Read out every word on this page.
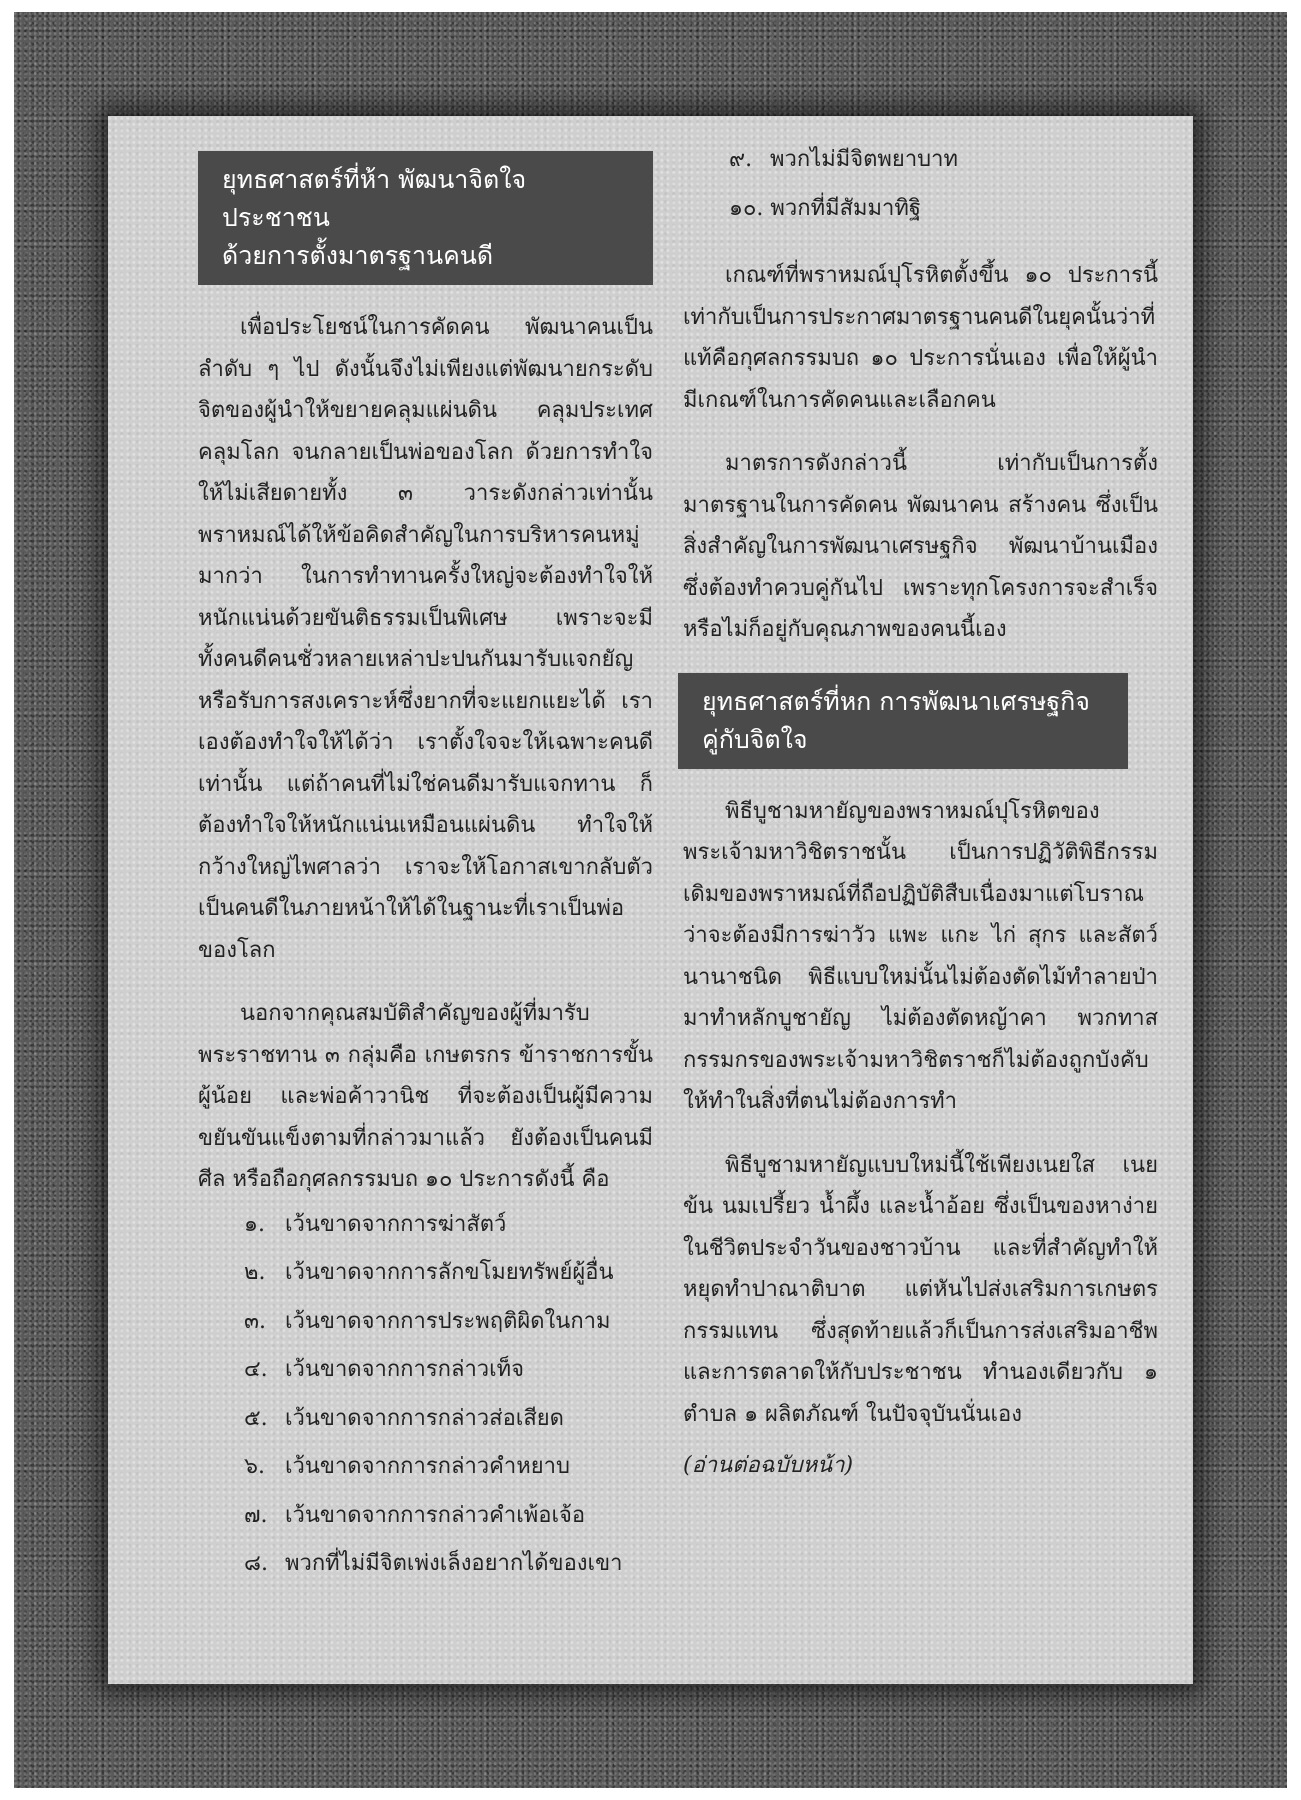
ยุทธศาสตร์ที่ห้า พัฒนาจิตใจประชาชน
ด้วยการตั้งมาตรฐานคนดี

เพื่อประโยชน์ในการคัดคน พัฒนาคนเป็นลำดับ ๆ ไป ดังนั้นจึงไม่เพียงแต่พัฒนายกระดับจิตของผู้นำให้ขยายคลุมแผ่นดิน คลุมประเทศ คลุมโลก จนกลายเป็นพ่อของโลก ด้วยการทำใจให้ไม่เสียดายทั้ง ๓ วาระดังกล่าวเท่านั้น พราหมณ์ได้ให้ข้อคิดสำคัญในการบริหารคนหมู่มากว่า ในการทำทานครั้งใหญ่จะต้องทำใจให้หนักแน่นด้วยขันติธรรมเป็นพิเศษ เพราะจะมีทั้งคนดีคนชั่วหลายเหล่าปะปนกันมารับแจกยัญหรือรับการสงเคราะห์ซึ่งยากที่จะแยกแยะได้ เราเองต้องทำใจให้ได้ว่า เราตั้งใจจะให้เฉพาะคนดีเท่านั้น แต่ถ้าคนที่ไม่ใช่คนดีมารับแจกทาน ก็ต้องทำใจให้หนักแน่นเหมือนแผ่นดิน ทำใจให้กว้างใหญ่ไพศาลว่า เราจะให้โอกาสเขากลับตัวเป็นคนดีในภายหน้าให้ได้ในฐานะที่เราเป็นพ่อของโลก

นอกจากคุณสมบัติสำคัญของผู้ที่มารับพระราชทาน ๓ กลุ่มคือ เกษตรกร ข้าราชการขั้นผู้น้อย และพ่อค้าวานิช ที่จะต้องเป็นผู้มีความขยันขันแข็งตามที่กล่าวมาแล้ว ยังต้องเป็นคนมีศีล หรือถือกุศลกรรมบถ ๑๐ ประการดังนี้ คือ

๑. เว้นขาดจากการฆ่าสัตว์
๒. เว้นขาดจากการลักขโมยทรัพย์ผู้อื่น
๓. เว้นขาดจากการประพฤติผิดในกาม
๔. เว้นขาดจากการกล่าวเท็จ
๕. เว้นขาดจากการกล่าวส่อเสียด
๖. เว้นขาดจากการกล่าวคำหยาบ
๗. เว้นขาดจากการกล่าวคำเพ้อเจ้อ
๘. พวกที่ไม่มีจิตเพ่งเล็งอยากได้ของเขา
๙. พวกไม่มีจิตพยาบาท
๑๐. พวกที่มีสัมมาทิฐิ

เกณฑ์ที่พราหมณ์ปุโรหิตตั้งขึ้น ๑๐ ประการนี้เท่ากับเป็นการประกาศมาตรฐานคนดีในยุคนั้นว่าที่แท้คือกุศลกรรมบถ ๑๐ ประการนั่นเอง เพื่อให้ผู้นำมีเกณฑ์ในการคัดคนและเลือกคน

มาตรการดังกล่าวนี้ เท่ากับเป็นการตั้งมาตรฐานในการคัดคน พัฒนาคน สร้างคน ซึ่งเป็นสิ่งสำคัญในการพัฒนาเศรษฐกิจ พัฒนาบ้านเมือง ซึ่งต้องทำควบคู่กันไป เพราะทุกโครงการจะสำเร็จหรือไม่ก็อยู่กับคุณภาพของคนนี้เอง

ยุทธศาสตร์ที่หก การพัฒนาเศรษฐกิจ
คู่กับจิตใจ

พิธีบูชามหายัญของพราหมณ์ปุโรหิตของพระเจ้ามหาวิชิตราชนั้น เป็นการปฏิวัติพิธีกรรมเดิมของพราหมณ์ที่ถือปฏิบัติสืบเนื่องมาแต่โบราณว่าจะต้องมีการฆ่าวัว แพะ แกะ ไก่ สุกร และสัตว์นานาชนิด พิธีแบบใหม่นั้นไม่ต้องตัดไม้ทำลายป่ามาทำหลักบูชายัญ ไม่ต้องตัดหญ้าคา พวกทาสกรรมกรของพระเจ้ามหาวิชิตราชก็ไม่ต้องถูกบังคับให้ทำในสิ่งที่ตนไม่ต้องการทำ

พิธีบูชามหายัญแบบใหม่นี้ใช้เพียงเนยใส เนยข้น นมเปรี้ยว น้ำผึ้ง และน้ำอ้อย ซึ่งเป็นของหาง่ายในชีวิตประจำวันของชาวบ้าน และที่สำคัญทำให้หยุดทำปาณาติบาต แต่หันไปส่งเสริมการเกษตรกรรมแทน ซึ่งสุดท้ายแล้วก็เป็นการส่งเสริมอาชีพและการตลาดให้กับประชาชน ทำนองเดียวกับ ๑ ตำบล ๑ ผลิตภัณฑ์ ในปัจจุบันนั่นเอง

(อ่านต่อฉบับหน้า)
